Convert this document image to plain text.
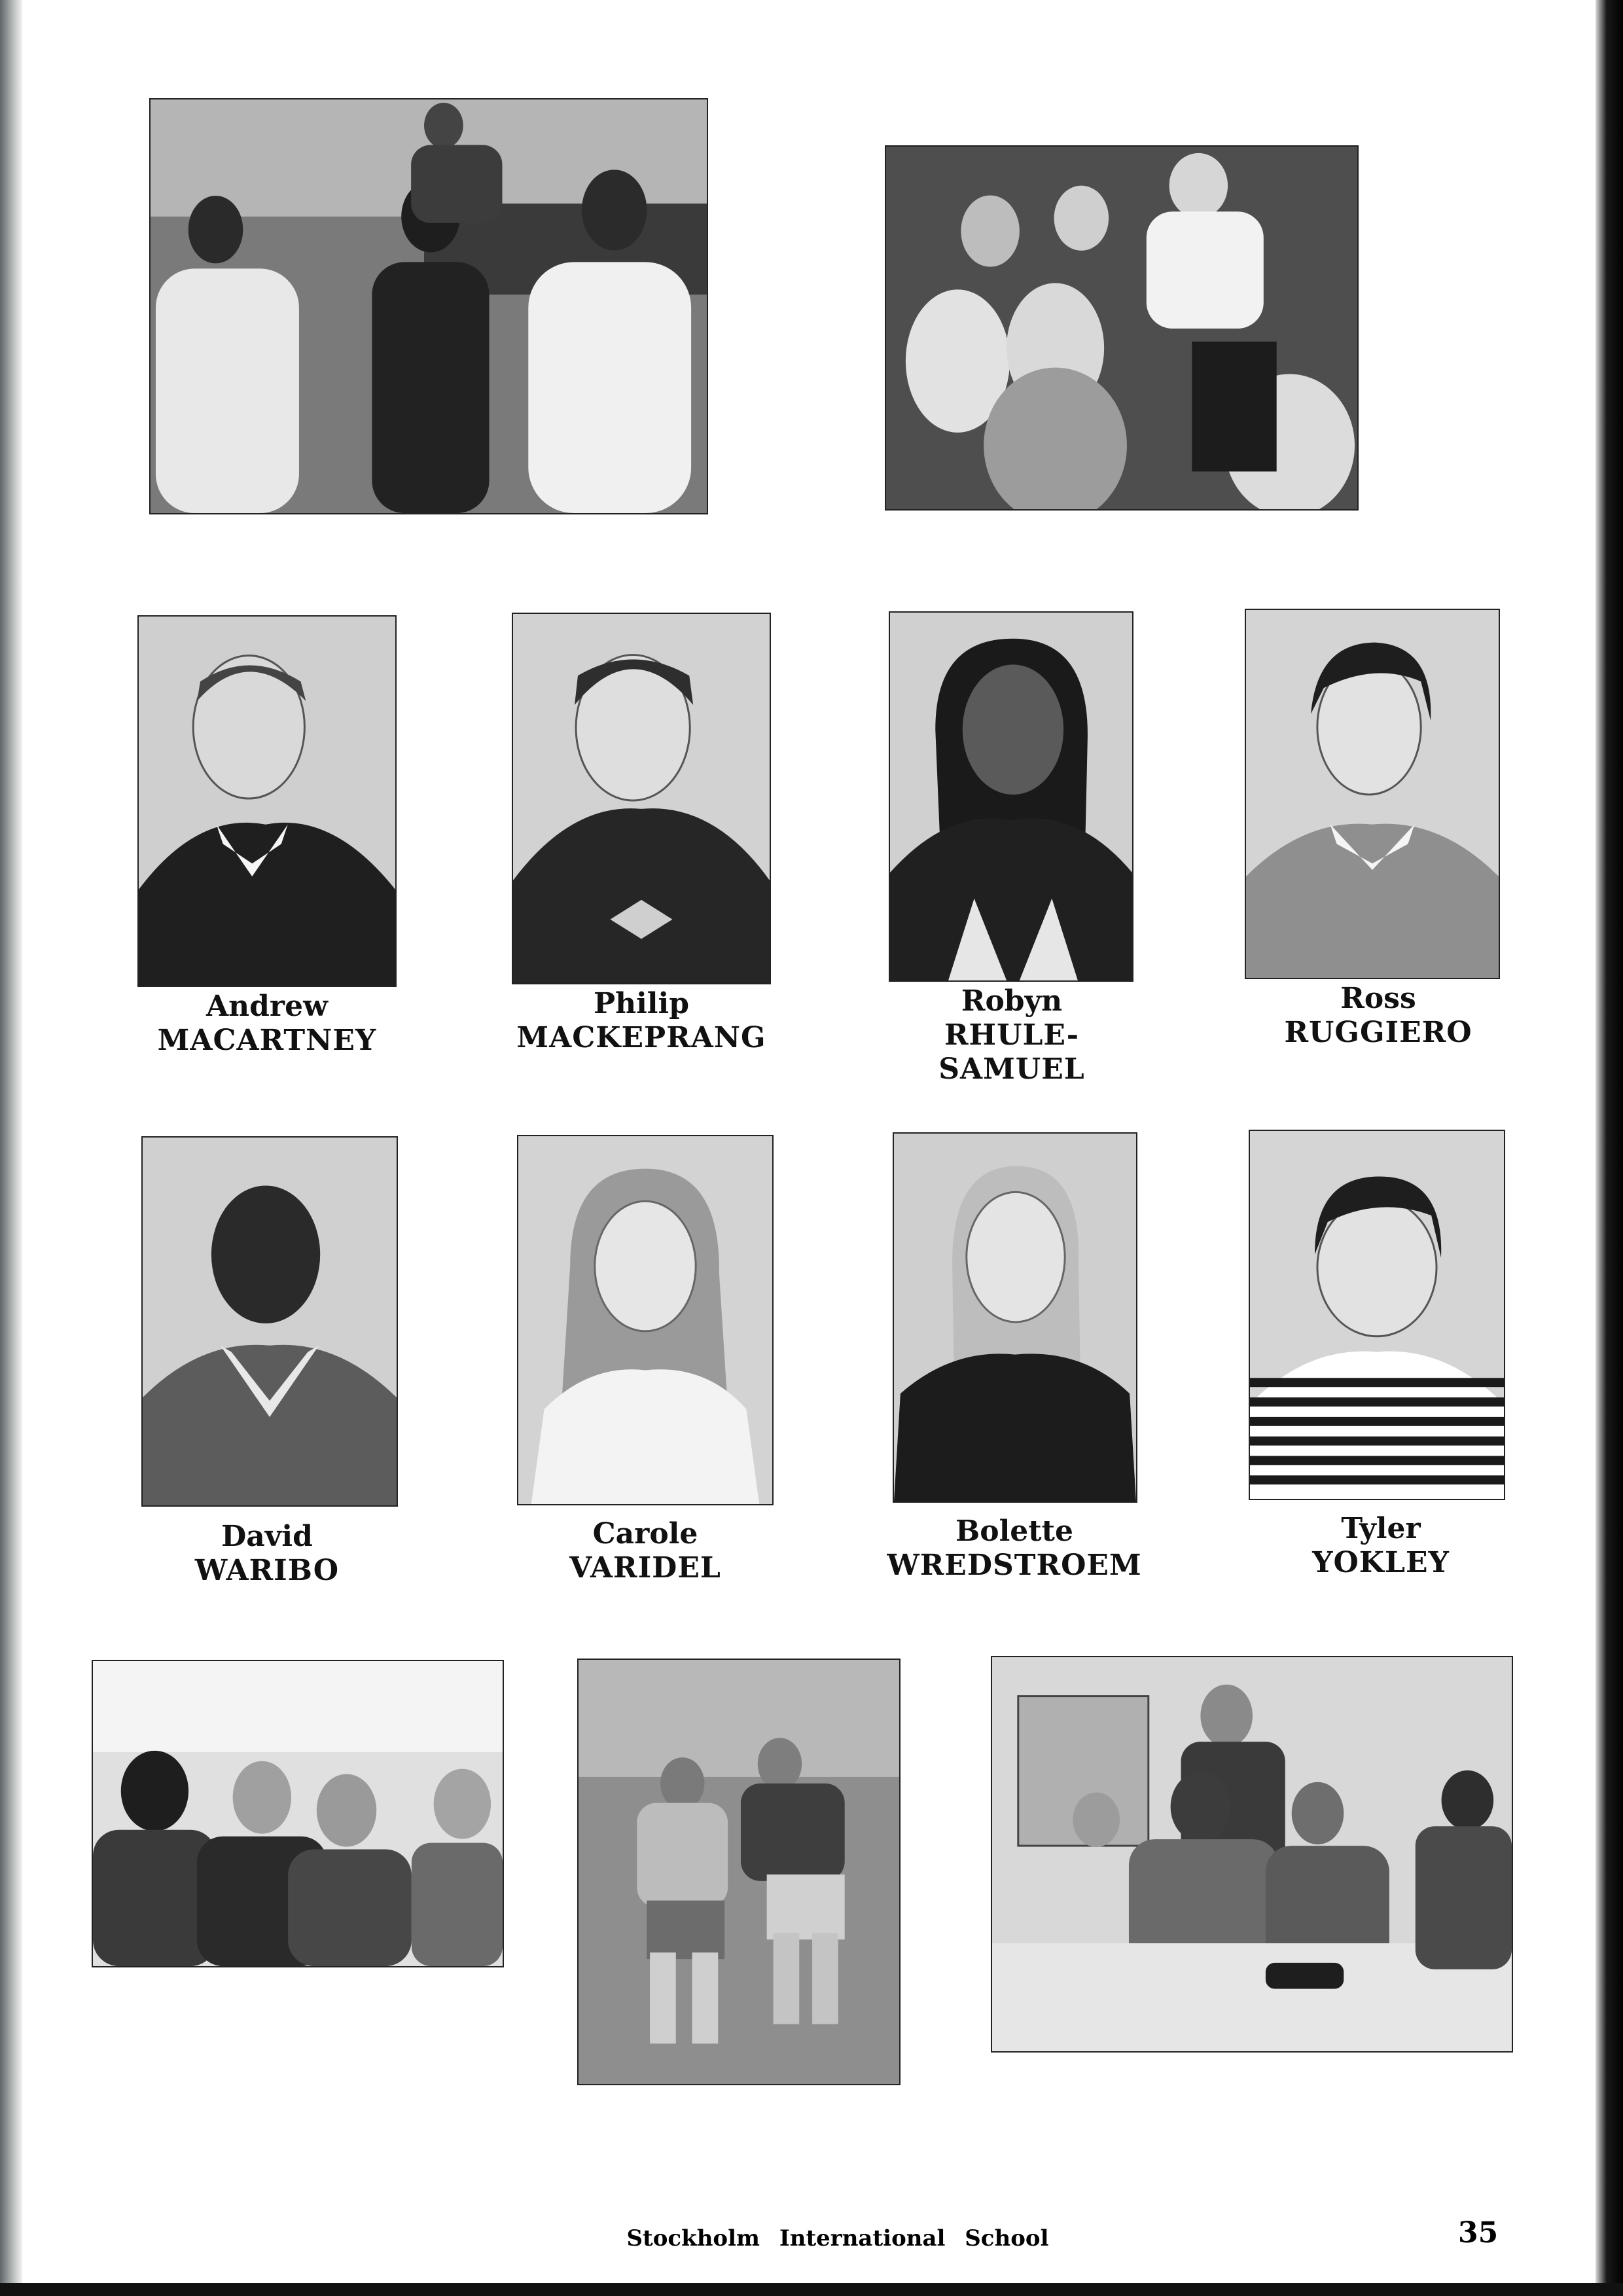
Andrew
MACARTNEY
Philip
MACKEPRANG
Robyn
RHULE-
SAMUEL
Ross
RUGGIERO
David
WARIBO
Carole
VARIDEL
Bolette
WREDSTROEM
Tyler
YOKLEY
Stockholm International School	35
